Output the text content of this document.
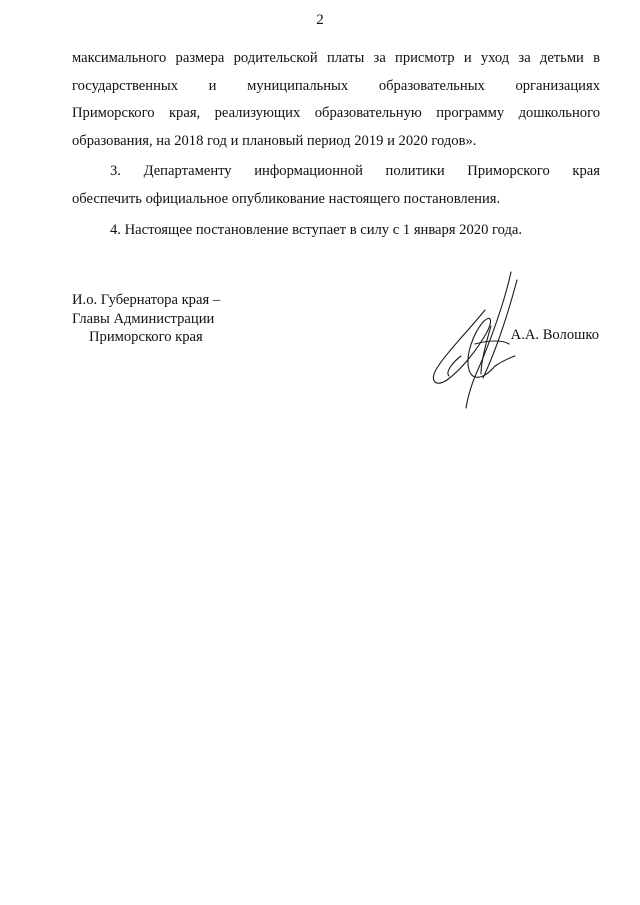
2
максимального размера родительской платы за присмотр и уход за детьми в
государственных и муниципальных образовательных организациях
Приморского края, реализующих образовательную программу дошкольного
образования, на 2018 год и плановый период 2019 и 2020 годов».
3. Департаменту информационной политики Приморского края
обеспечить официальное опубликование настоящего постановления.
4. Настоящее постановление вступает в силу с 1 января 2020 года.
И.о. Губернатора края –
Главы Администрации
Приморского края	А.А. Волошко
